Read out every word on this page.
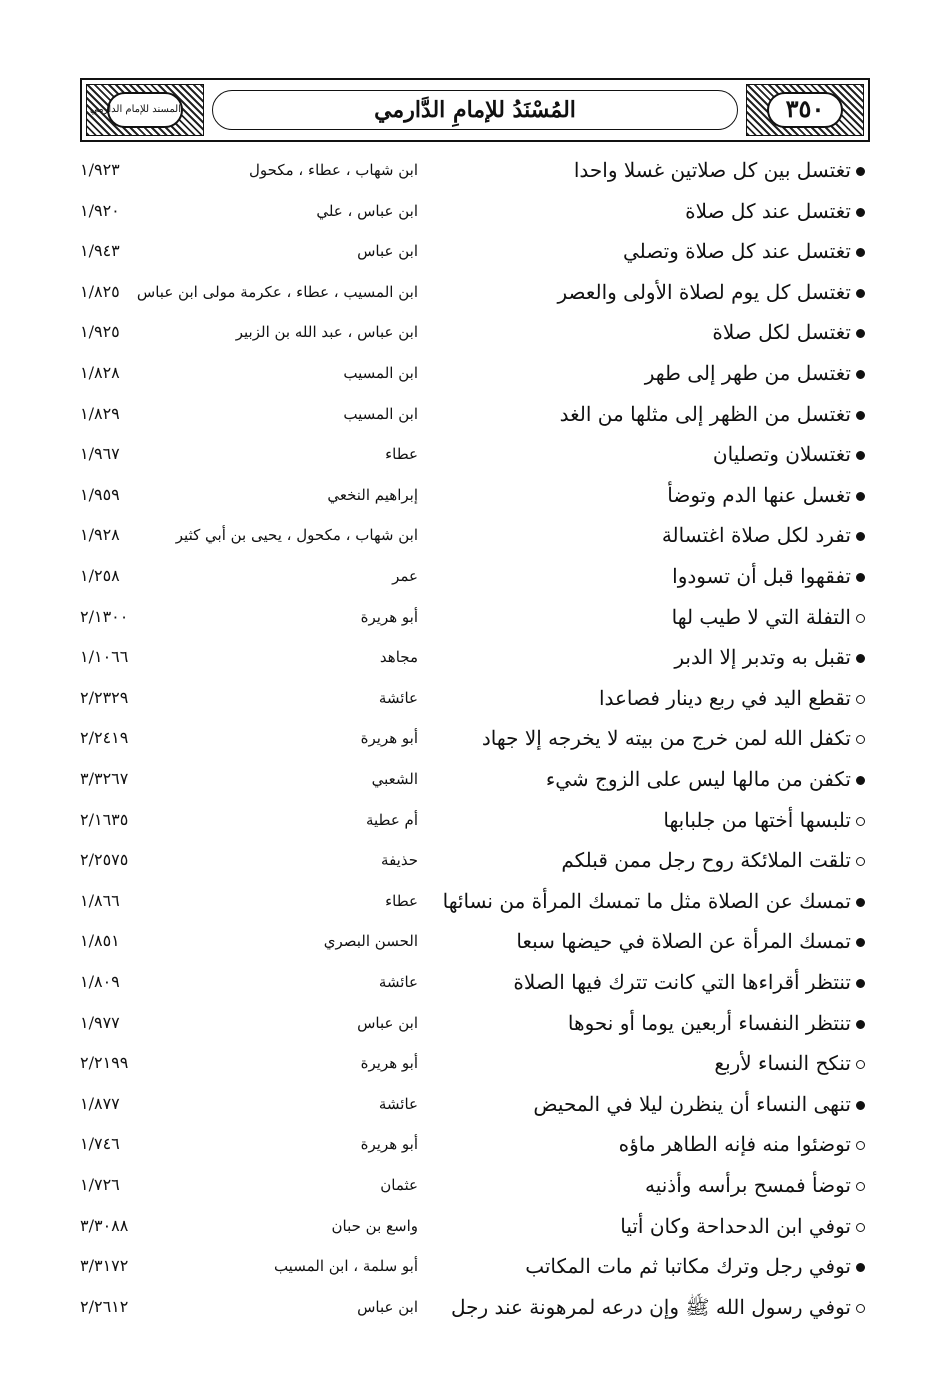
المسند للإمام الدارمي	المُسْنَدُ للإمامِ الدَّارمي	٣٥٠
تغتسل بين كل صلاتين غسلا واحدا
ابن شهاب ، عطاء ، مكحول
١/٩٢٣
تغتسل عند كل صلاة
ابن عباس ، علي
١/٩٢٠
تغتسل عند كل صلاة وتصلي
ابن عباس
١/٩٤٣
تغتسل كل يوم لصلاة الأولى والعصر
ابن المسيب ، عطاء ، عكرمة مولى ابن عباس
١/٨٢٥
تغتسل لكل صلاة
ابن عباس ، عبد الله بن الزبير
١/٩٢٥
تغتسل من طهر إلى طهر
ابن المسيب
١/٨٢٨
تغتسل من الظهر إلى مثلها من الغد
ابن المسيب
١/٨٢٩
تغتسلان وتصليان
عطاء
١/٩٦٧
تغسل عنها الدم وتوضأ
إبراهيم النخعي
١/٩٥٩
تفرد لكل صلاة اغتسالة
ابن شهاب ، مكحول ، يحيى بن أبي كثير
١/٩٢٨
تفقهوا قبل أن تسودوا
عمر
١/٢٥٨
التفلة التي لا طيب لها
أبو هريرة
٢/١٣٠٠
تقبل به وتدبر إلا الدبر
مجاهد
١/١٠٦٦
تقطع اليد في ربع دينار فصاعدا
عائشة
٢/٢٣٢٩
تكفل الله لمن خرج من بيته لا يخرجه إلا جهاد
أبو هريرة
٢/٢٤١٩
تكفن من مالها ليس على الزوج شيء
الشعبي
٣/٣٢٦٧
تلبسها أختها من جلبابها
أم عطية
٢/١٦٣٥
تلقت الملائكة روح رجل ممن قبلكم
حذيفة
٢/٢٥٧٥
تمسك عن الصلاة مثل ما تمسك المرأة من نسائها
عطاء
١/٨٦٦
تمسك المرأة عن الصلاة في حيضها سبعا
الحسن البصري
١/٨٥١
تنتظر أقراءها التي كانت تترك فيها الصلاة
عائشة
١/٨٠٩
تنتظر النفساء أربعين يوما أو نحوها
ابن عباس
١/٩٧٧
تنكح النساء لأربع
أبو هريرة
٢/٢١٩٩
تنهى النساء أن ينظرن ليلا في المحيض
عائشة
١/٨٧٧
توضئوا منه فإنه الطاهر ماؤه
أبو هريرة
١/٧٤٦
توضأ فمسح برأسه وأذنيه
عثمان
١/٧٢٦
توفي ابن الدحداحة وكان أتيا
واسع بن حبان
٣/٣٠٨٨
توفي رجل وترك مكاتبا ثم مات المكاتب
أبو سلمة ، ابن المسيب
٣/٣١٧٢
توفي رسول الله ﷺ وإن درعه لمرهونة عند رجل
ابن عباس
٢/٢٦١٢
